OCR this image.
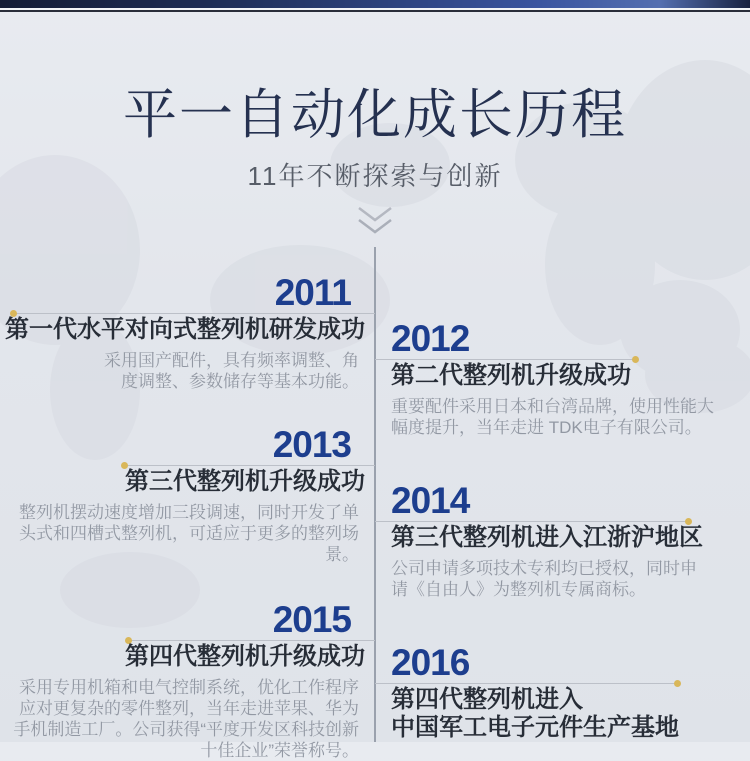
平一自动化成长历程
11年不断探索与创新
2011
第一代水平对向式整列机研发成功
采用国产配件，具有频率调整、角度调整、参数储存等基本功能。
2012
第二代整列机升级成功
重要配件采用日本和台湾品牌，使用性能大幅度提升，当年走进 TDK电子有限公司。
2013
第三代整列机升级成功
整列机摆动速度增加三段调速，同时开发了单头式和四槽式整列机，可适应于更多的整列场景。
2014
第三代整列机进入江浙沪地区
公司申请多项技术专利均已授权，同时申请《自由人》为整列机专属商标。
2015
第四代整列机升级成功
采用专用机箱和电气控制系统，优化工作程序应对更复杂的零件整列，当年走进苹果、华为手机制造工厂。公司获得“平度开发区科技创新十佳企业”荣誉称号。
2016
第四代整列机进入
中国军工电子元件生产基地
